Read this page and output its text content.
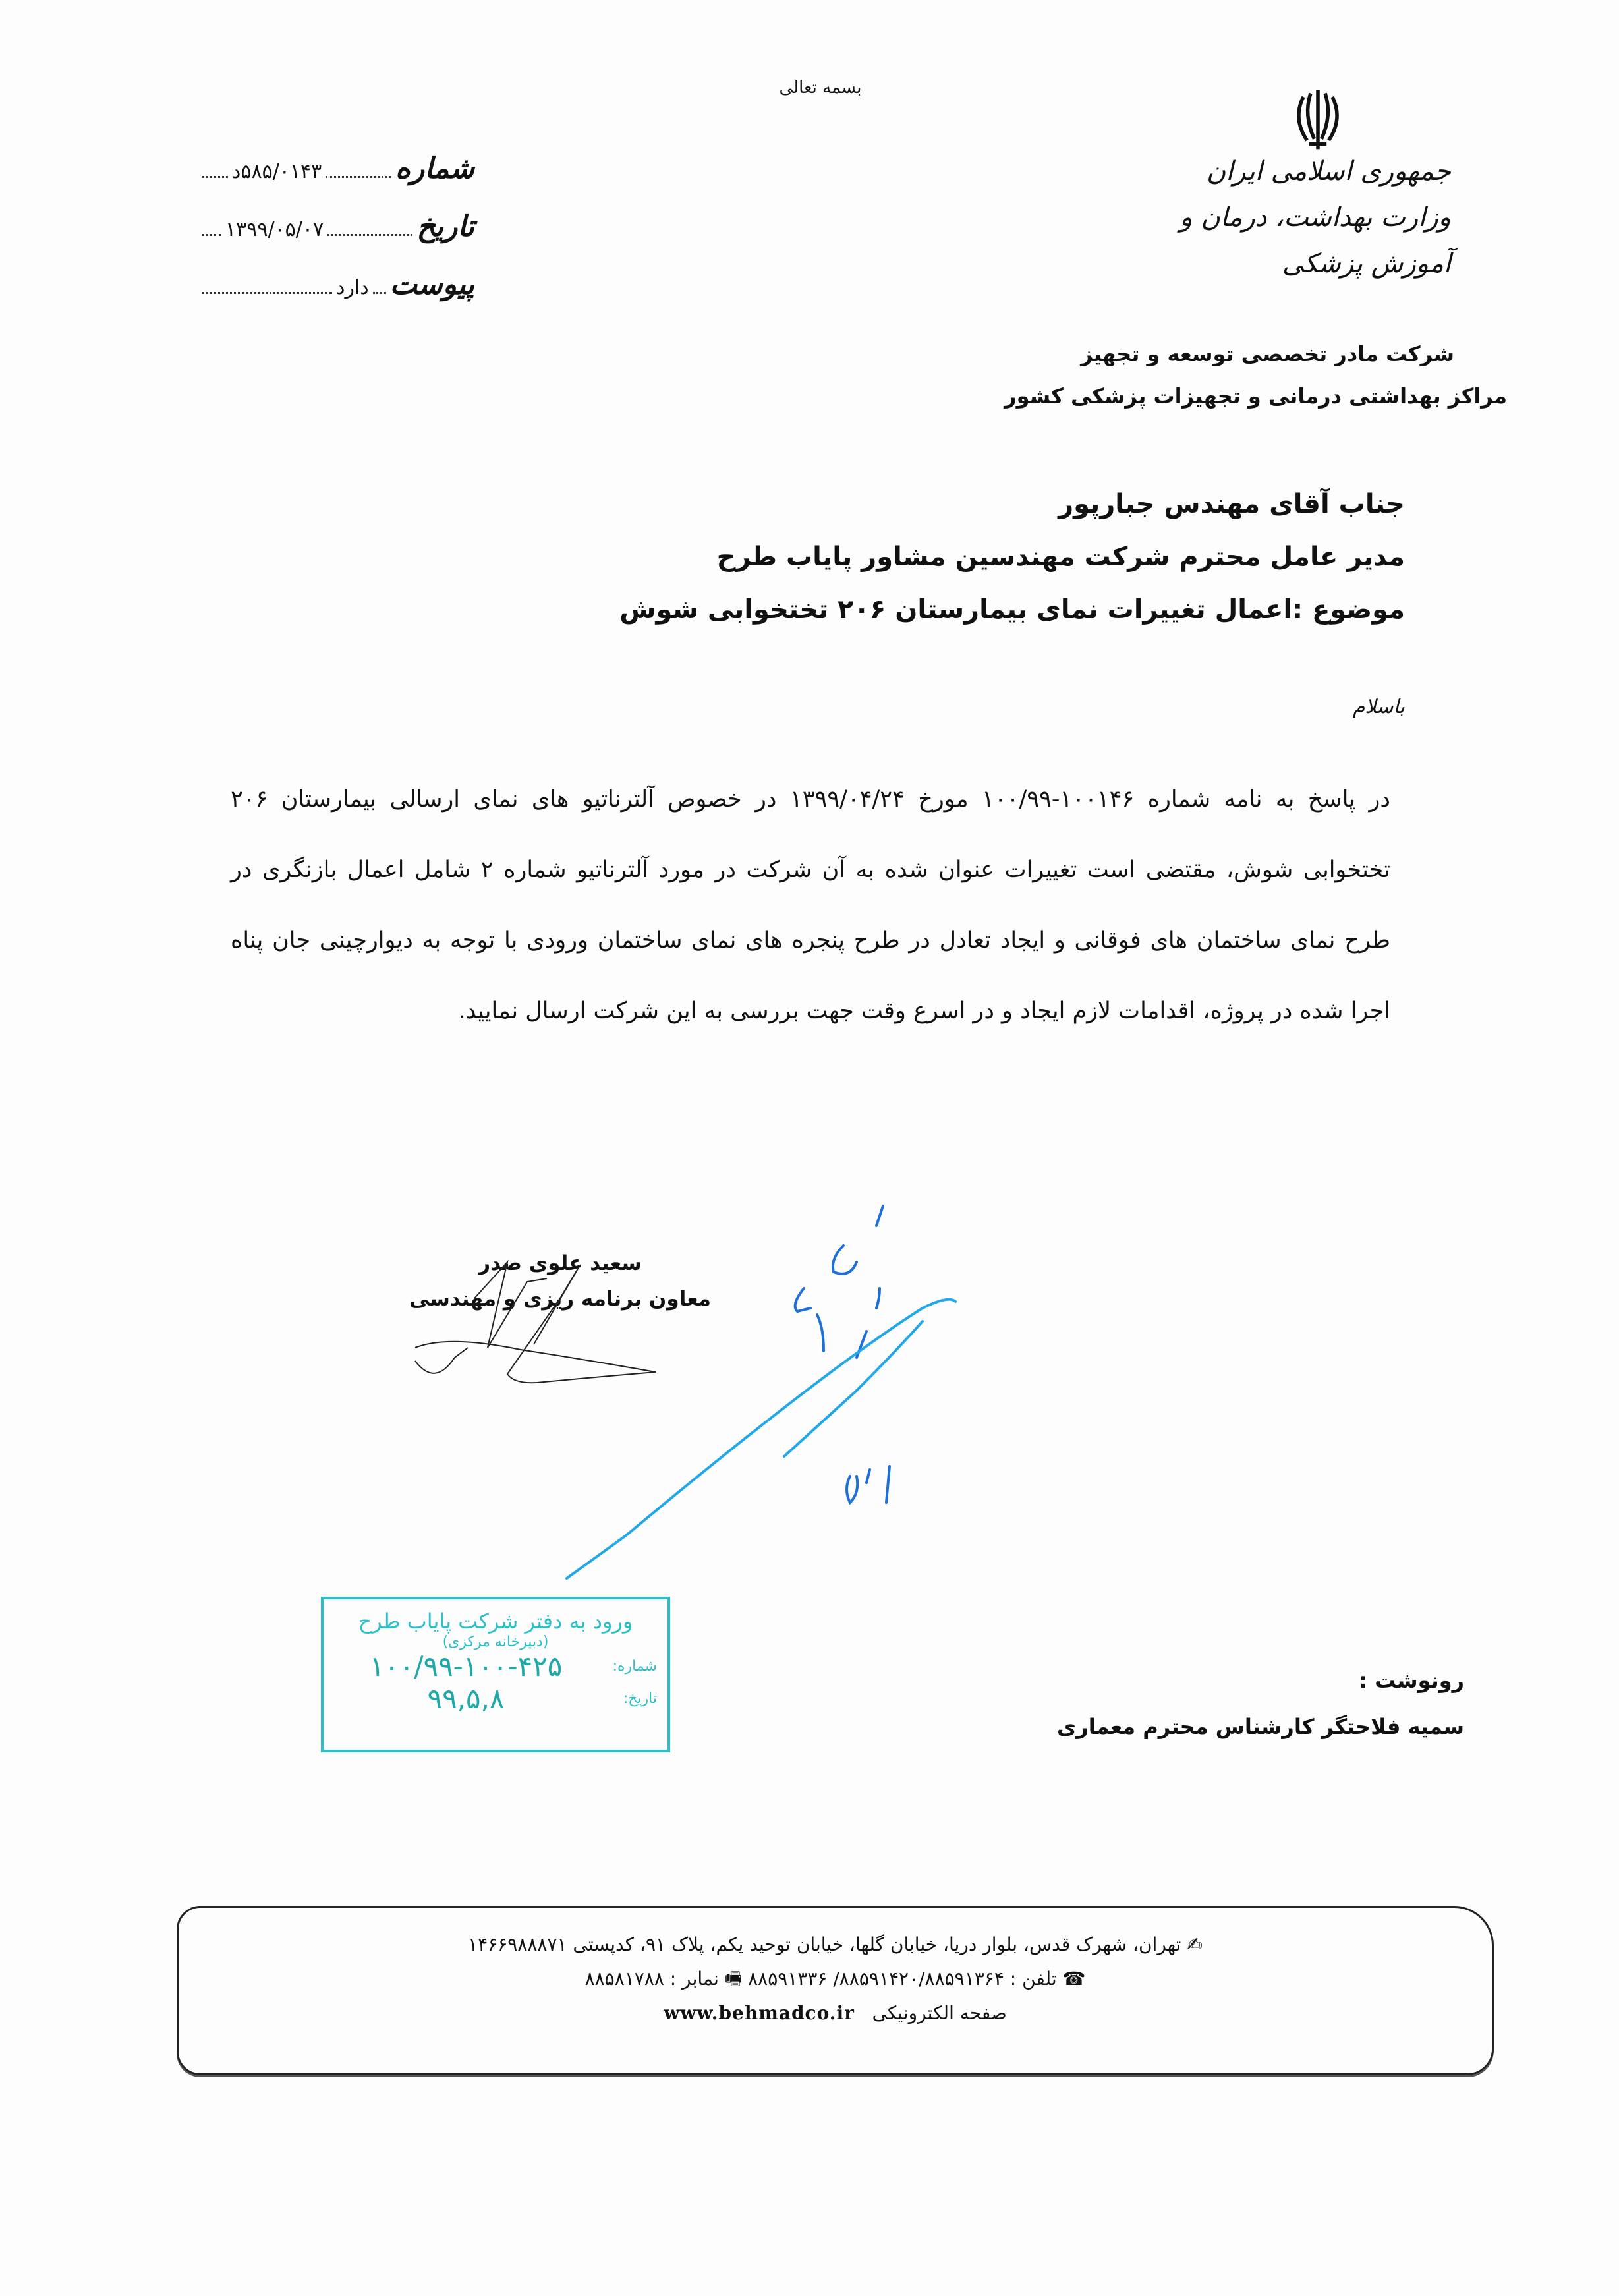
بسمه تعالی
جمهوری اسلامی ایران
وزارت بهداشت، درمان و آموزش پزشکی
شماره
۵۸۵/۰۱۴۳د
تاریخ
۱۳۹۹/۰۵/۰۷
پیوست
دارد
شرکت مادر تخصصی توسعه و تجهیز
مراکز بهداشتی درمانی و تجهیزات پزشکی کشور
جناب آقای مهندس جبارپور
مدیر عامل محترم شرکت مهندسین مشاور پایاب طرح
موضوع :اعمال تغییرات نمای بیمارستان ۲۰۶ تختخوابی شوش
باسلام
در پاسخ به نامه شماره ۱۰۰۱۴۶-۱۰۰/۹۹ مورخ ۱۳۹۹/۰۴/۲۴ در خصوص آلترناتیو های نمای ارسالی بیمارستان ۲۰۶ تختخوابی شوش، مقتضی است تغییرات عنوان شده به آن شرکت در مورد آلترناتیو شماره ۲ شامل اعمال بازنگری در طرح نمای ساختمان های فوقانی و ایجاد تعادل در طرح پنجره های نمای ساختمان ورودی با توجه به دیوارچینی جان پناه اجرا شده در پروژه، اقدامات لازم ایجاد و در اسرع وقت جهت بررسی به این شرکت ارسال نمایید.
سعید علوی صدر
معاون برنامه ریزی و مهندسی
ورود به دفتر شرکت پایاب طرح
(دبیرخانه مرکزی)
شماره:
۱۰۰/۹۹-۱۰۰-۴۲۵
تاریخ:
۹۹,۵,۸
رونوشت :
سمیه فلاحتگر کارشناس محترم معماری
✍ تهران، شهرک قدس، بلوار دریا، خیابان گلها، خیابان توحید یکم، پلاک ۹۱، کدپستی ۱۴۶۶۹۸۸۸۷۱
☎ تلفن : ۸۸۵۹۱۴۲۰/۸۸۵۹۱۳۶۴/ ۸۸۵۹۱۳۳۶ 🖷 نمابر : ۸۸۵۸۱۷۸۸
صفحه الکترونیکی   www.behmadco.ir
